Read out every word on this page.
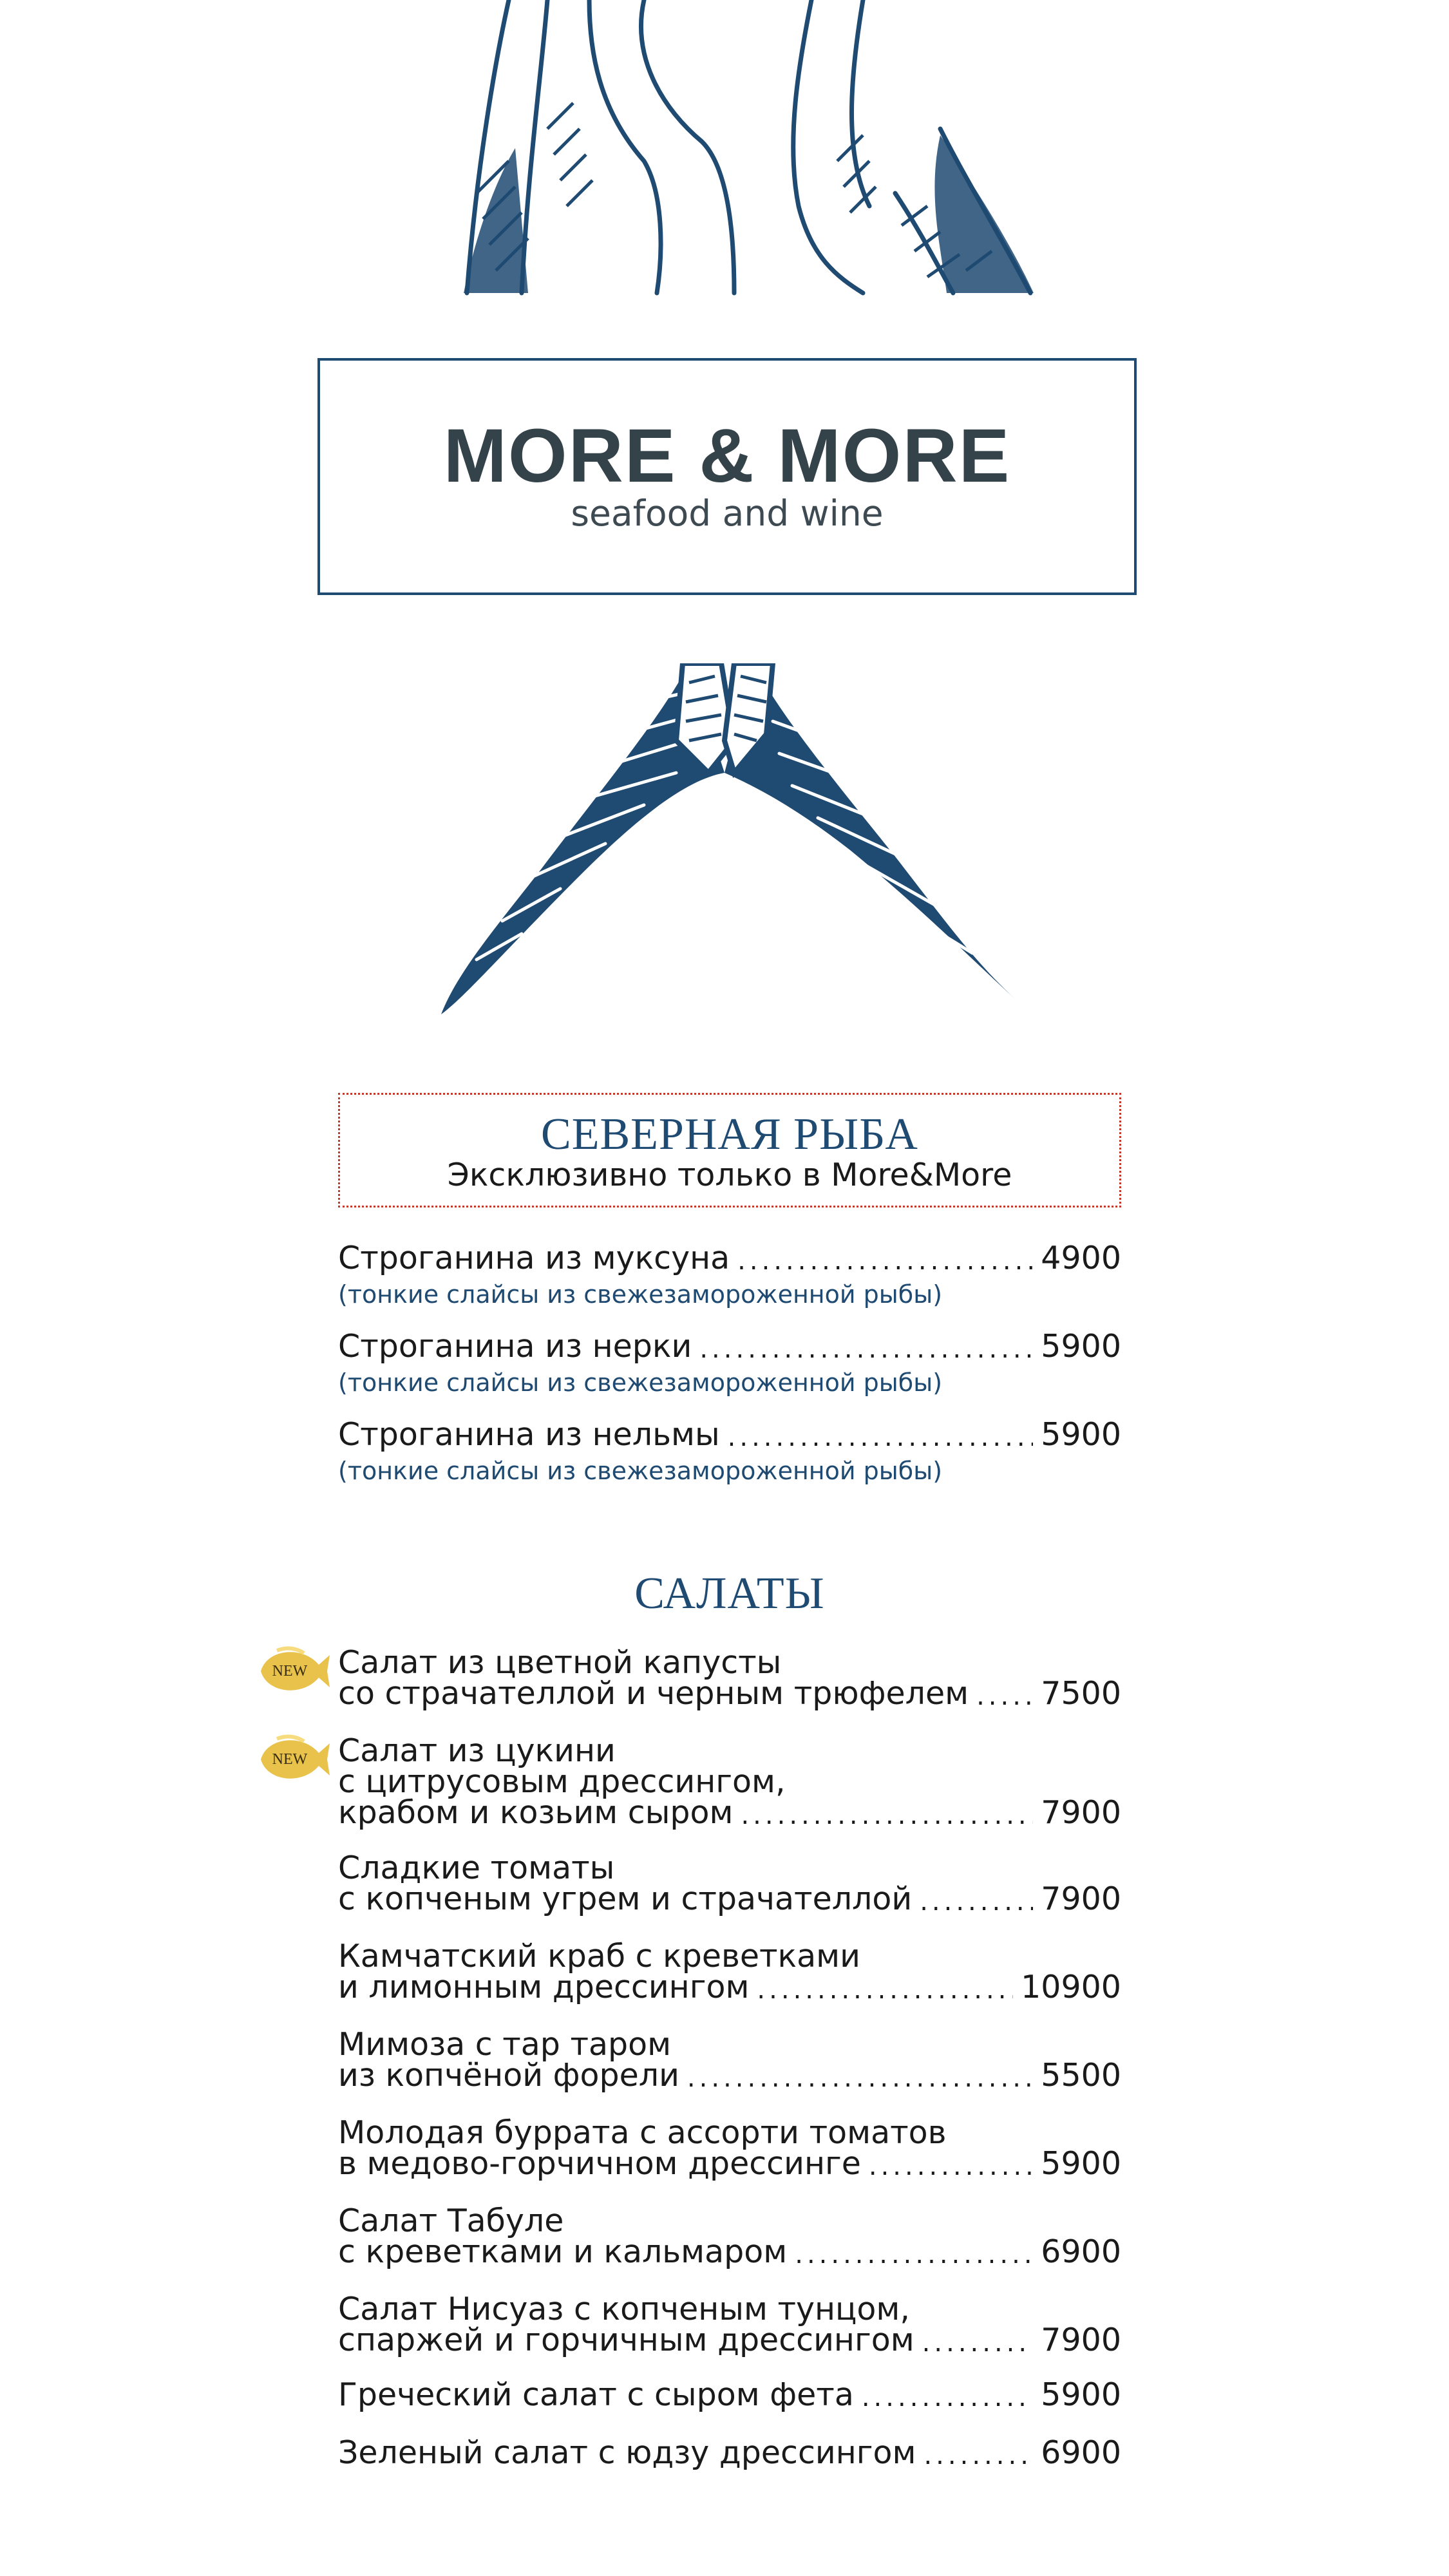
MORE & MORE
seafood and wine
СЕВЕРНАЯ РЫБА
Эксклюзивно только в More&More
Строганина из муксуна .....	4900
(тонкие слайсы из свежезамороженной рыбы)
Строганина из нерки .....	5900
(тонкие слайсы из свежезамороженной рыбы)
Строганина из нельмы .....	5900
(тонкие слайсы из свежезамороженной рыбы)
САЛАТЫ
NEW
NEW
Салат из цветной капусты
со страчателлой и черным трюфелем ..... 7500
Салат из цукини
с цитрусовым дрессингом,
крабом и козьим сыром .....	7900
Сладкие томаты
с копченым угрем и страчателлой .....	7900
Камчатский краб с креветками
и лимонным дрессингом .....	10900
Мимоза с тар таром
из копчёной форели .....	5500
Молодая буррата с ассорти томатов
в медово-горчичном дрессинге .....	5900
Салат Табуле
с креветками и кальмаром .....	6900
Салат Нисуаз с копченым тунцом,
спаржей и горчичным дрессингом .....	7900
Греческий салат с сыром фета .....	5900
Зеленый салат с юдзу дрессингом .....	6900
